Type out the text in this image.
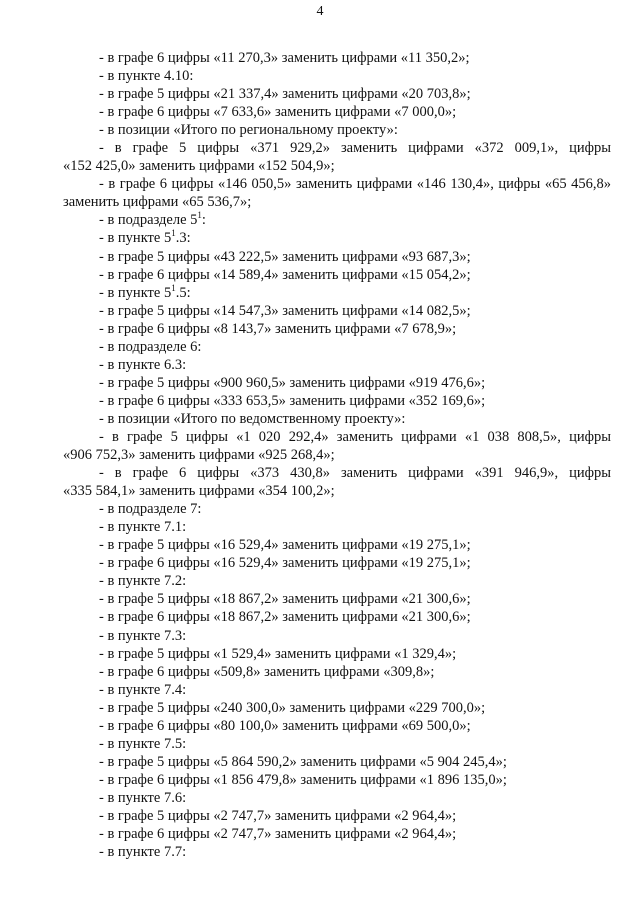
4
- в графе 6 цифры «11 270,3» заменить цифрами «11 350,2»;
- в пункте 4.10:
- в графе 5 цифры «21 337,4» заменить цифрами «20 703,8»;
- в графе 6 цифры «7 633,6» заменить цифрами «7 000,0»;
- в позиции «Итого по региональному проекту»:
- в графе 5 цифры «371 929,2» заменить цифрами «372 009,1», цифры
«152 425,0» заменить цифрами «152 504,9»;
- в графе 6 цифры «146 050,5» заменить цифрами «146 130,4», цифры «65 456,8»
заменить цифрами «65 536,7»;
- в подразделе $5^1$:
- в пункте $5^1.3$:
- в графе 5 цифры «43 222,5» заменить цифрами «93 687,3»;
- в графе 6 цифры «14 589,4» заменить цифрами «15 054,2»;
- в пункте $5^1.5$:
- в графе 5 цифры «14 547,3» заменить цифрами «14 082,5»;
- в графе 6 цифры «8 143,7» заменить цифрами «7 678,9»;
- в подразделе 6:
- в пункте 6.3:
- в графе 5 цифры «900 960,5» заменить цифрами «919 476,6»;
- в графе 6 цифры «333 653,5» заменить цифрами «352 169,6»;
- в позиции «Итого по ведомственному проекту»:
- в графе 5 цифры «1 020 292,4» заменить цифрами «1 038 808,5», цифры
«906 752,3» заменить цифрами «925 268,4»;
- в графе 6 цифры «373 430,8» заменить цифрами «391 946,9», цифры
«335 584,1» заменить цифрами «354 100,2»;
- в подразделе 7:
- в пункте 7.1:
- в графе 5 цифры «16 529,4» заменить цифрами «19 275,1»;
- в графе 6 цифры «16 529,4» заменить цифрами «19 275,1»;
- в пункте 7.2:
- в графе 5 цифры «18 867,2» заменить цифрами «21 300,6»;
- в графе 6 цифры «18 867,2» заменить цифрами «21 300,6»;
- в пункте 7.3:
- в графе 5 цифры «1 529,4» заменить цифрами «1 329,4»;
- в графе 6 цифры «509,8» заменить цифрами «309,8»;
- в пункте 7.4:
- в графе 5 цифры «240 300,0» заменить цифрами «229 700,0»;
- в графе 6 цифры «80 100,0» заменить цифрами «69 500,0»;
- в пункте 7.5:
- в графе 5 цифры «5 864 590,2» заменить цифрами «5 904 245,4»;
- в графе 6 цифры «1 856 479,8» заменить цифрами «1 896 135,0»;
- в пункте 7.6:
- в графе 5 цифры «2 747,7» заменить цифрами «2 964,4»;
- в графе 6 цифры «2 747,7» заменить цифрами «2 964,4»;
- в пункте 7.7:
